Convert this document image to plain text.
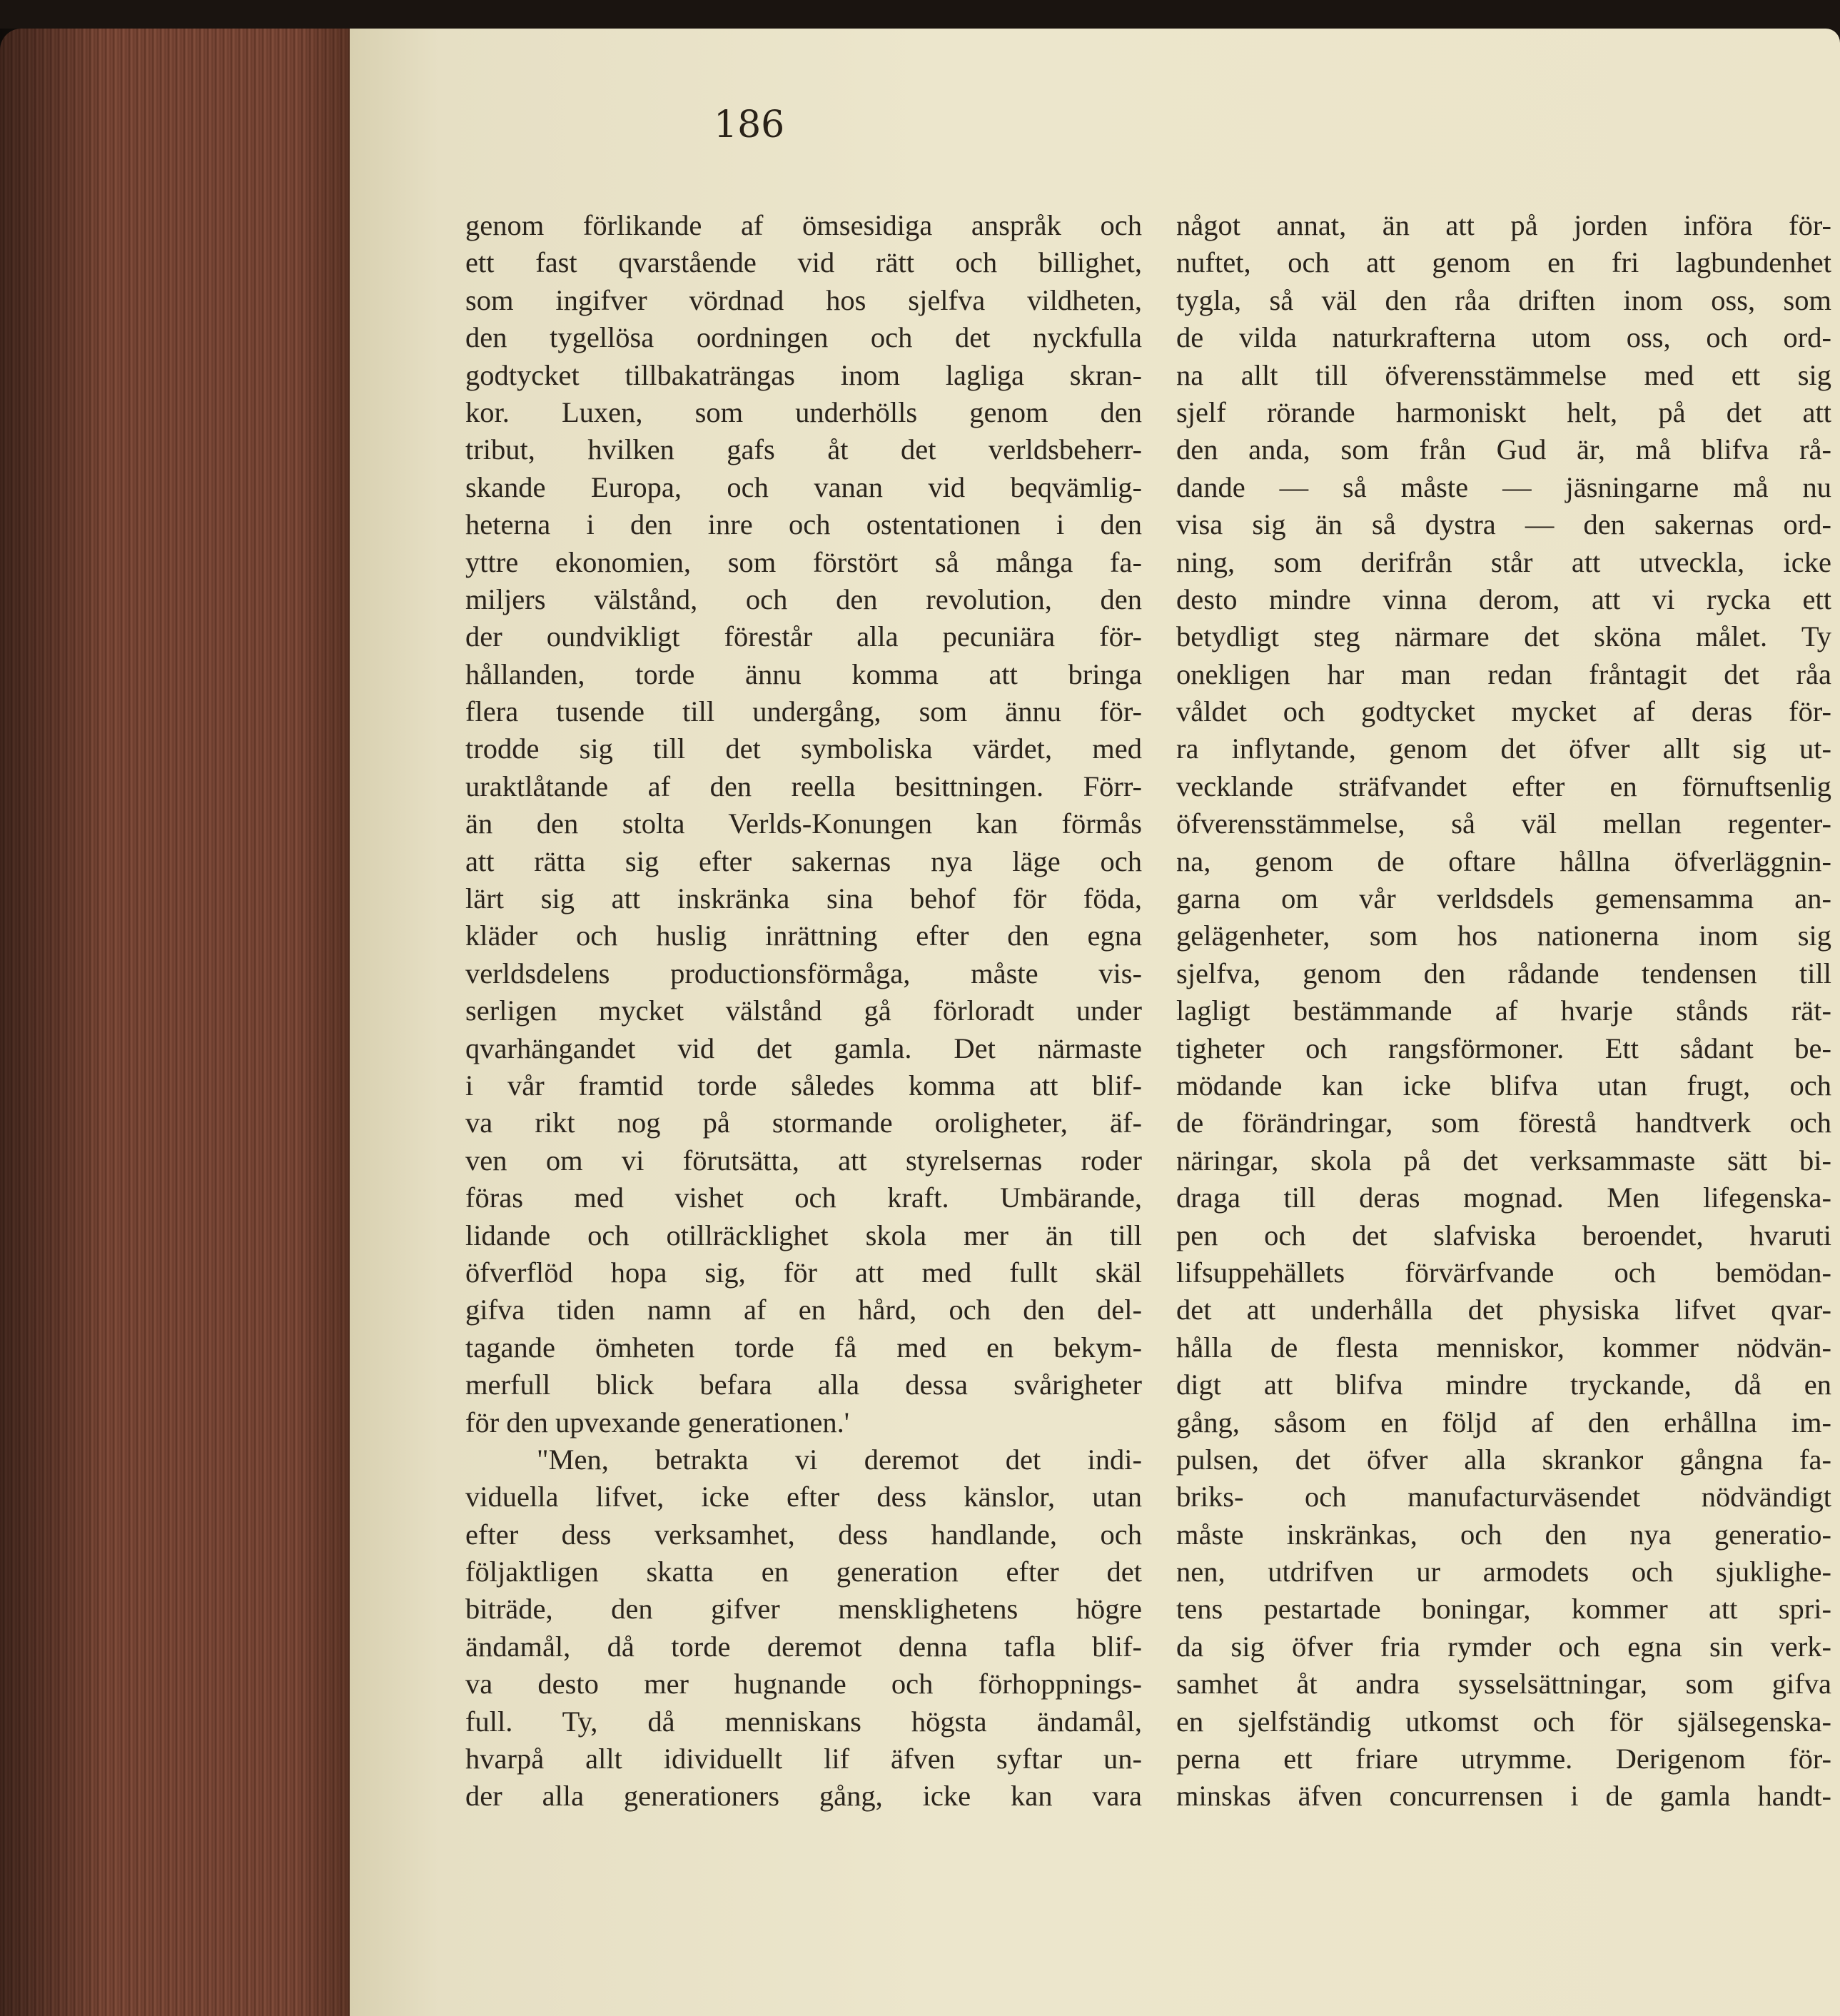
186

genom förlikande af ömsesidiga anspråk och
ett fast qvarstående vid rätt och billighet,
som ingifver vördnad hos sjelfva vildheten,
den tygellösa oordningen och det nyckfulla
godtycket tillbakaträngas inom lagliga skran-
kor. Luxen, som underhölls genom den
tribut, hvilken gafs åt det verldsbeherr-
skande Europa, och vanan vid beqvämlig-
heterna i den inre och ostentationen i den
yttre ekonomien, som förstört så många fa-
miljers välstånd, och den revolution, den
der oundvikligt förestår alla pecuniära för-
hållanden, torde ännu komma att bringa
flera tusende till undergång, som ännu för-
trodde sig till det symboliska värdet, med
uraktlåtande af den reella besittningen. Förr-
än den stolta Verlds-Konungen kan förmås
att rätta sig efter sakernas nya läge och
lärt sig att inskränka sina behof för föda,
kläder och huslig inrättning efter den egna
verldsdelens productionsförmåga, måste vis-
serligen mycket välstånd gå förloradt under
qvarhängandet vid det gamla. Det närmaste
i vår framtid torde således komma att blif-
va rikt nog på stormande oroligheter, äf-
ven om vi förutsätta, att styrelsernas roder
föras med vishet och kraft. Umbärande,
lidande och otillräcklighet skola mer än till
öfverflöd hopa sig, för att med fullt skäl
gifva tiden namn af en hård, och den del-
tagande ömheten torde få med en bekym-
merfull blick befara alla dessa svårigheter
för den upvexande generationen.'
"Men, betrakta vi deremot det indi-
viduella lifvet, icke efter dess känslor, utan
efter dess verksamhet, dess handlande, och
följaktligen skatta en generation efter det
biträde, den gifver mensklighetens högre
ändamål, då torde deremot denna tafla blif-
va desto mer hugnande och förhoppnings-
full. Ty, då menniskans högsta ändamål,
hvarpå allt idividuellt lif äfven syftar un-
der alla generationers gång, icke kan vara
något annat, än att på jorden införa för-
nuftet, och att genom en fri lagbundenhet
tygla, så väl den råa driften inom oss, som
de vilda naturkrafterna utom oss, och ord-
na allt till öfverensstämmelse med ett sig
sjelf rörande harmoniskt helt, på det att
den anda, som från Gud är, må blifva rå-
dande — så måste — jäsningarne må nu
visa sig än så dystra — den sakernas ord-
ning, som derifrån står att utveckla, icke
desto mindre vinna derom, att vi rycka ett
betydligt steg närmare det sköna målet. Ty
onekligen har man redan fråntagit det råa
våldet och godtycket mycket af deras för-
ra inflytande, genom det öfver allt sig ut-
vecklande sträfvandet efter en förnuftsenlig
öfverensstämmelse, så väl mellan regenter-
na, genom de oftare hållna öfverläggnin-
garna om vår verldsdels gemensamma an-
gelägenheter, som hos nationerna inom sig
sjelfva, genom den rådande tendensen till
lagligt bestämmande af hvarje stånds rät-
tigheter och rangsförmoner. Ett sådant be-
mödande kan icke blifva utan frugt, och
de förändringar, som förestå handtverk och
näringar, skola på det verksammaste sätt bi-
draga till deras mognad. Men lifegenska-
pen och det slafviska beroendet, hvaruti
lifsuppehällets förvärfvande och bemödan-
det att underhålla det physiska lifvet qvar-
hålla de flesta menniskor, kommer nödvän-
digt att blifva mindre tryckande, då en
gång, såsom en följd af den erhållna im-
pulsen, det öfver alla skrankor gångna fa-
briks- och manufacturväsendet nödvändigt
måste inskränkas, och den nya generatio-
nen, utdrifven ur armodets och sjuklighe-
tens pestartade boningar, kommer att spri-
da sig öfver fria rymder och egna sin verk-
samhet åt andra sysselsättningar, som gifva
en sjelfständig utkomst och för själsegenska-
perna ett friare utrymme. Derigenom för-
minskas äfven concurrensen i de gamla handt-
